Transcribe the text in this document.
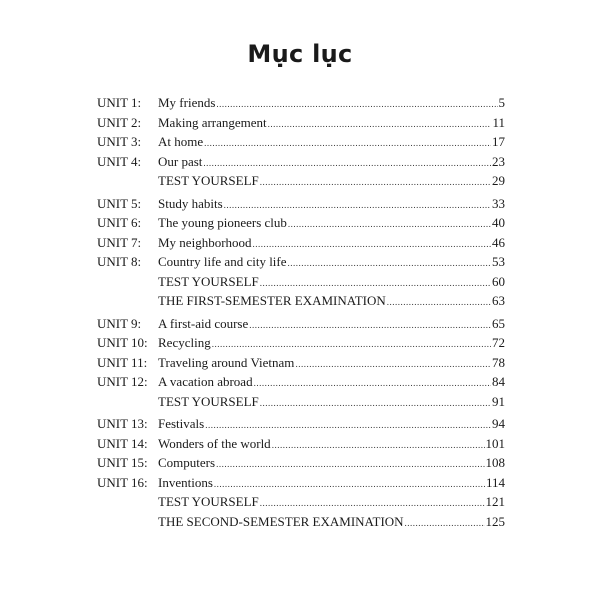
Mục lục
UNIT 1: My friends .....	5
UNIT 2: Making arrangement .....	11
UNIT 3: At home .....	17
UNIT 4: Our past .....	23
TEST YOURSELF .....	29
UNIT 5: Study habits .....	33
UNIT 6: The young pioneers club .....	40
UNIT 7: My neighborhood .....	46
UNIT 8: Country life and city life .....	53
TEST YOURSELF .....	60
THE FIRST-SEMESTER EXAMINATION .....	63
UNIT 9: A first-aid course .....	65
UNIT 10: Recycling .....	72
UNIT 11: Traveling around Vietnam .....	78
UNIT 12: A vacation abroad .....	84
TEST YOURSELF .....	91
UNIT 13: Festivals .....	94
UNIT 14: Wonders of the world .....	101
UNIT 15: Computers .....	108
UNIT 16: Inventions .....	114
TEST YOURSELF .....	121
THE SECOND-SEMESTER EXAMINATION .....	125
